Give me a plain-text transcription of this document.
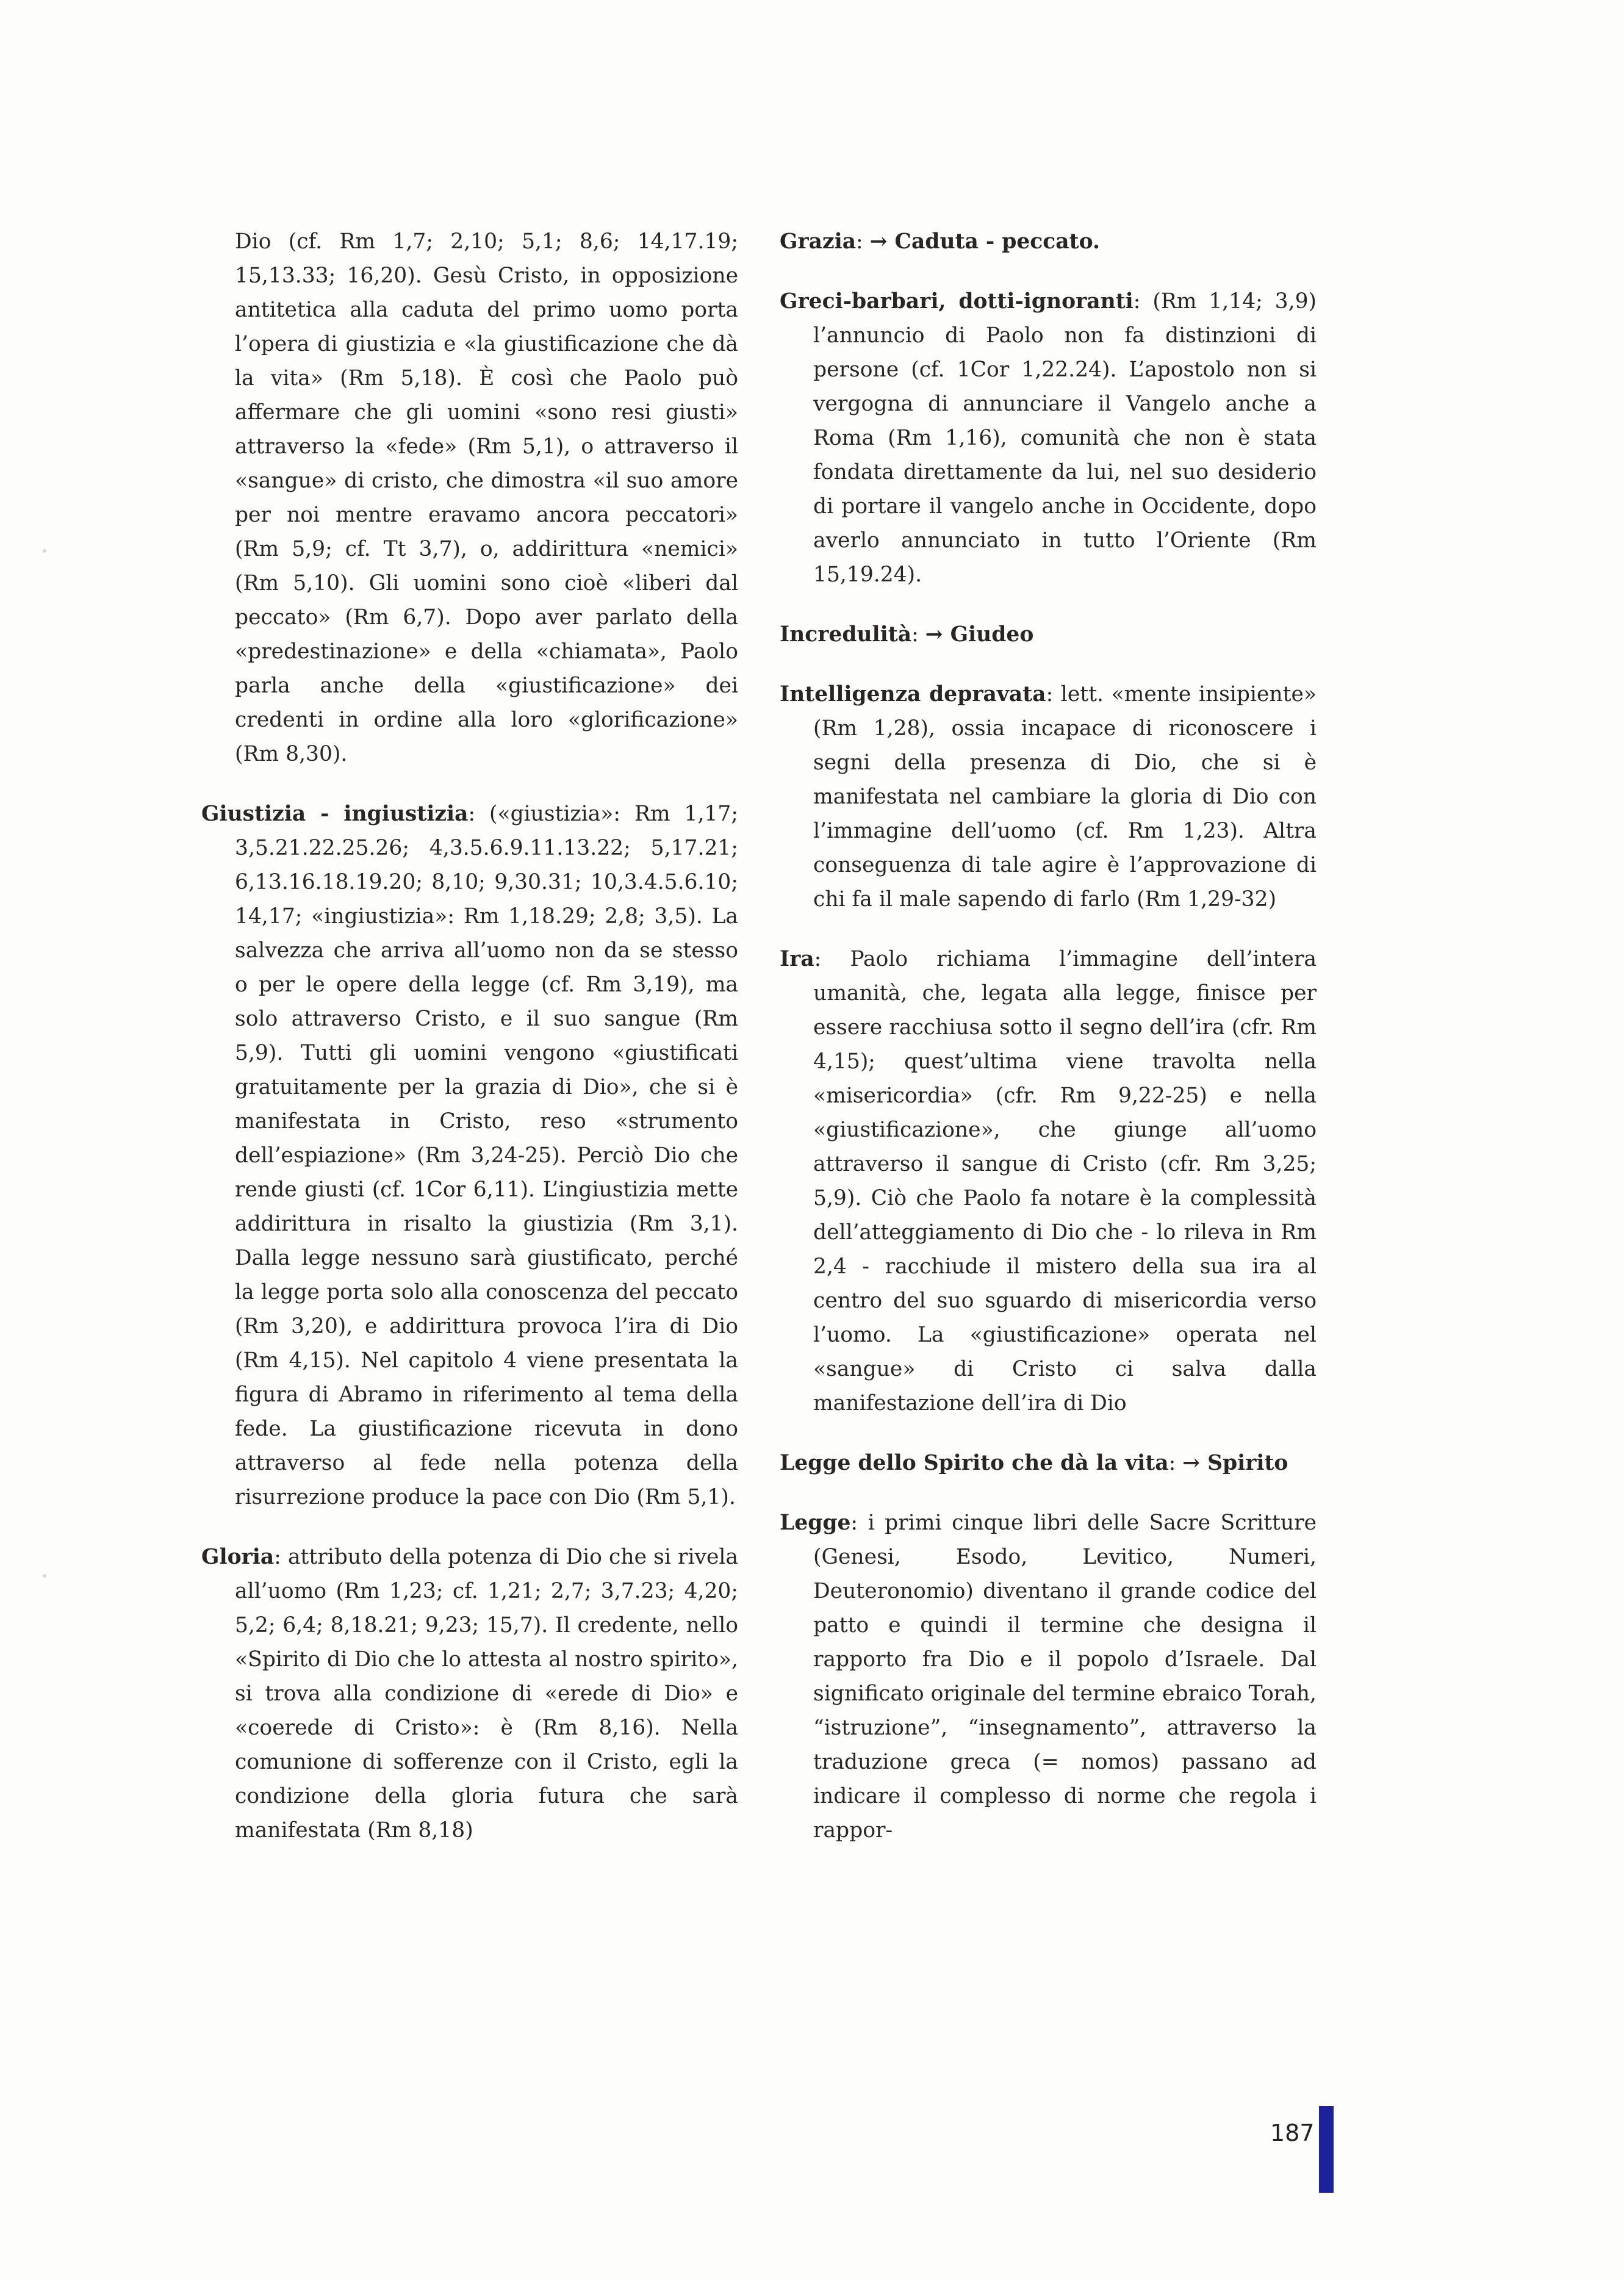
Dio (cf. Rm 1,7; 2,10; 5,1; 8,6; 14,17.19; 15,13.33; 16,20). Gesù Cristo, in opposizione antitetica alla caduta del primo uomo porta l’opera di giustizia e «la giustificazione che dà la vita» (Rm 5,18). È così che Paolo può affermare che gli uomini «sono resi giusti» attraverso la «fede» (Rm 5,1), o attraverso il «sangue» di cristo, che dimostra «il suo amore per noi mentre eravamo ancora peccatori» (Rm 5,9; cf. Tt 3,7), o, addirittura «nemici» (Rm 5,10). Gli uomini sono cioè «liberi dal peccato» (Rm 6,7). Dopo aver parlato della «predestinazione» e della «chiamata», Paolo parla anche della «giustificazione» dei credenti in ordine alla loro «glorificazione» (Rm 8,30).

Giustizia - ingiustizia: («giustizia»: Rm 1,17; 3,5.21.22.25.26; 4,3.5.6.9.11.13.22; 5,17.21; 6,13.16.18.19.20; 8,10; 9,30.31; 10,3.4.5.6.10; 14,17; «ingiustizia»: Rm 1,18.29; 2,8; 3,5). La salvezza che arriva all’uomo non da se stesso o per le opere della legge (cf. Rm 3,19), ma solo attraverso Cristo, e il suo sangue (Rm 5,9). Tutti gli uomini vengono «giustificati gratuitamente per la grazia di Dio», che si è manifestata in Cristo, reso «strumento dell’espiazione» (Rm 3,24-25). Perciò Dio che rende giusti (cf. 1Cor 6,11). L’ingiustizia mette addirittura in risalto la giustizia (Rm 3,1). Dalla legge nessuno sarà giustificato, perché la legge porta solo alla conoscenza del peccato (Rm 3,20), e addirittura provoca l’ira di Dio (Rm 4,15). Nel capitolo 4 viene presentata la figura di Abramo in riferimento al tema della fede. La giustificazione ricevuta in dono attraverso al fede nella potenza della risurrezione produce la pace con Dio (Rm 5,1).

Gloria: attributo della potenza di Dio che si rivela all’uomo (Rm 1,23; cf. 1,21; 2,7; 3,7.23; 4,20; 5,2; 6,4; 8,18.21; 9,23; 15,7). Il credente, nello «Spirito di Dio che lo attesta al nostro spirito», si trova alla condizione di «erede di Dio» e «coerede di Cristo»: è (Rm 8,16). Nella comunione di sofferenze con il Cristo, egli la condizione della gloria futura che sarà manifestata (Rm 8,18)

Grazia: → Caduta - peccato.

Greci-barbari, dotti-ignoranti: (Rm 1,14; 3,9) l’annuncio di Paolo non fa distinzioni di persone (cf. 1Cor 1,22.24). L’apostolo non si vergogna di annunciare il Vangelo anche a Roma (Rm 1,16), comunità che non è stata fondata direttamente da lui, nel suo desiderio di portare il vangelo anche in Occidente, dopo averlo annunciato in tutto l’Oriente (Rm 15,19.24).

Incredulità: → Giudeo

Intelligenza depravata: lett. «mente insipiente» (Rm 1,28), ossia incapace di riconoscere i segni della presenza di Dio, che si è manifestata nel cambiare la gloria di Dio con l’immagine dell’uomo (cf. Rm 1,23). Altra conseguenza di tale agire è l’approvazione di chi fa il male sapendo di farlo (Rm 1,29-32)

Ira: Paolo richiama l’immagine dell’intera umanità, che, legata alla legge, finisce per essere racchiusa sotto il segno dell’ira (cfr. Rm 4,15); quest’ultima viene travolta nella «misericordia» (cfr. Rm 9,22-25) e nella «giustificazione», che giunge all’uomo attraverso il sangue di Cristo (cfr. Rm 3,25; 5,9). Ciò che Paolo fa notare è la complessità dell’atteggiamento di Dio che - lo rileva in Rm 2,4 - racchiude il mistero della sua ira al centro del suo sguardo di misericordia verso l’uomo. La «giustificazione» operata nel «sangue» di Cristo ci salva dalla manifestazione dell’ira di Dio

Legge dello Spirito che dà la vita: → Spirito

Legge: i primi cinque libri delle Sacre Scritture (Genesi, Esodo, Levitico, Numeri, Deuteronomio) diventano il grande codice del patto e quindi il termine che designa il rapporto fra Dio e il popolo d’Israele. Dal significato originale del termine ebraico Torah, “istruzione”, “insegnamento”, attraverso la traduzione greca (= nomos) passano ad indicare il complesso di norme che regola i rappor-

187
